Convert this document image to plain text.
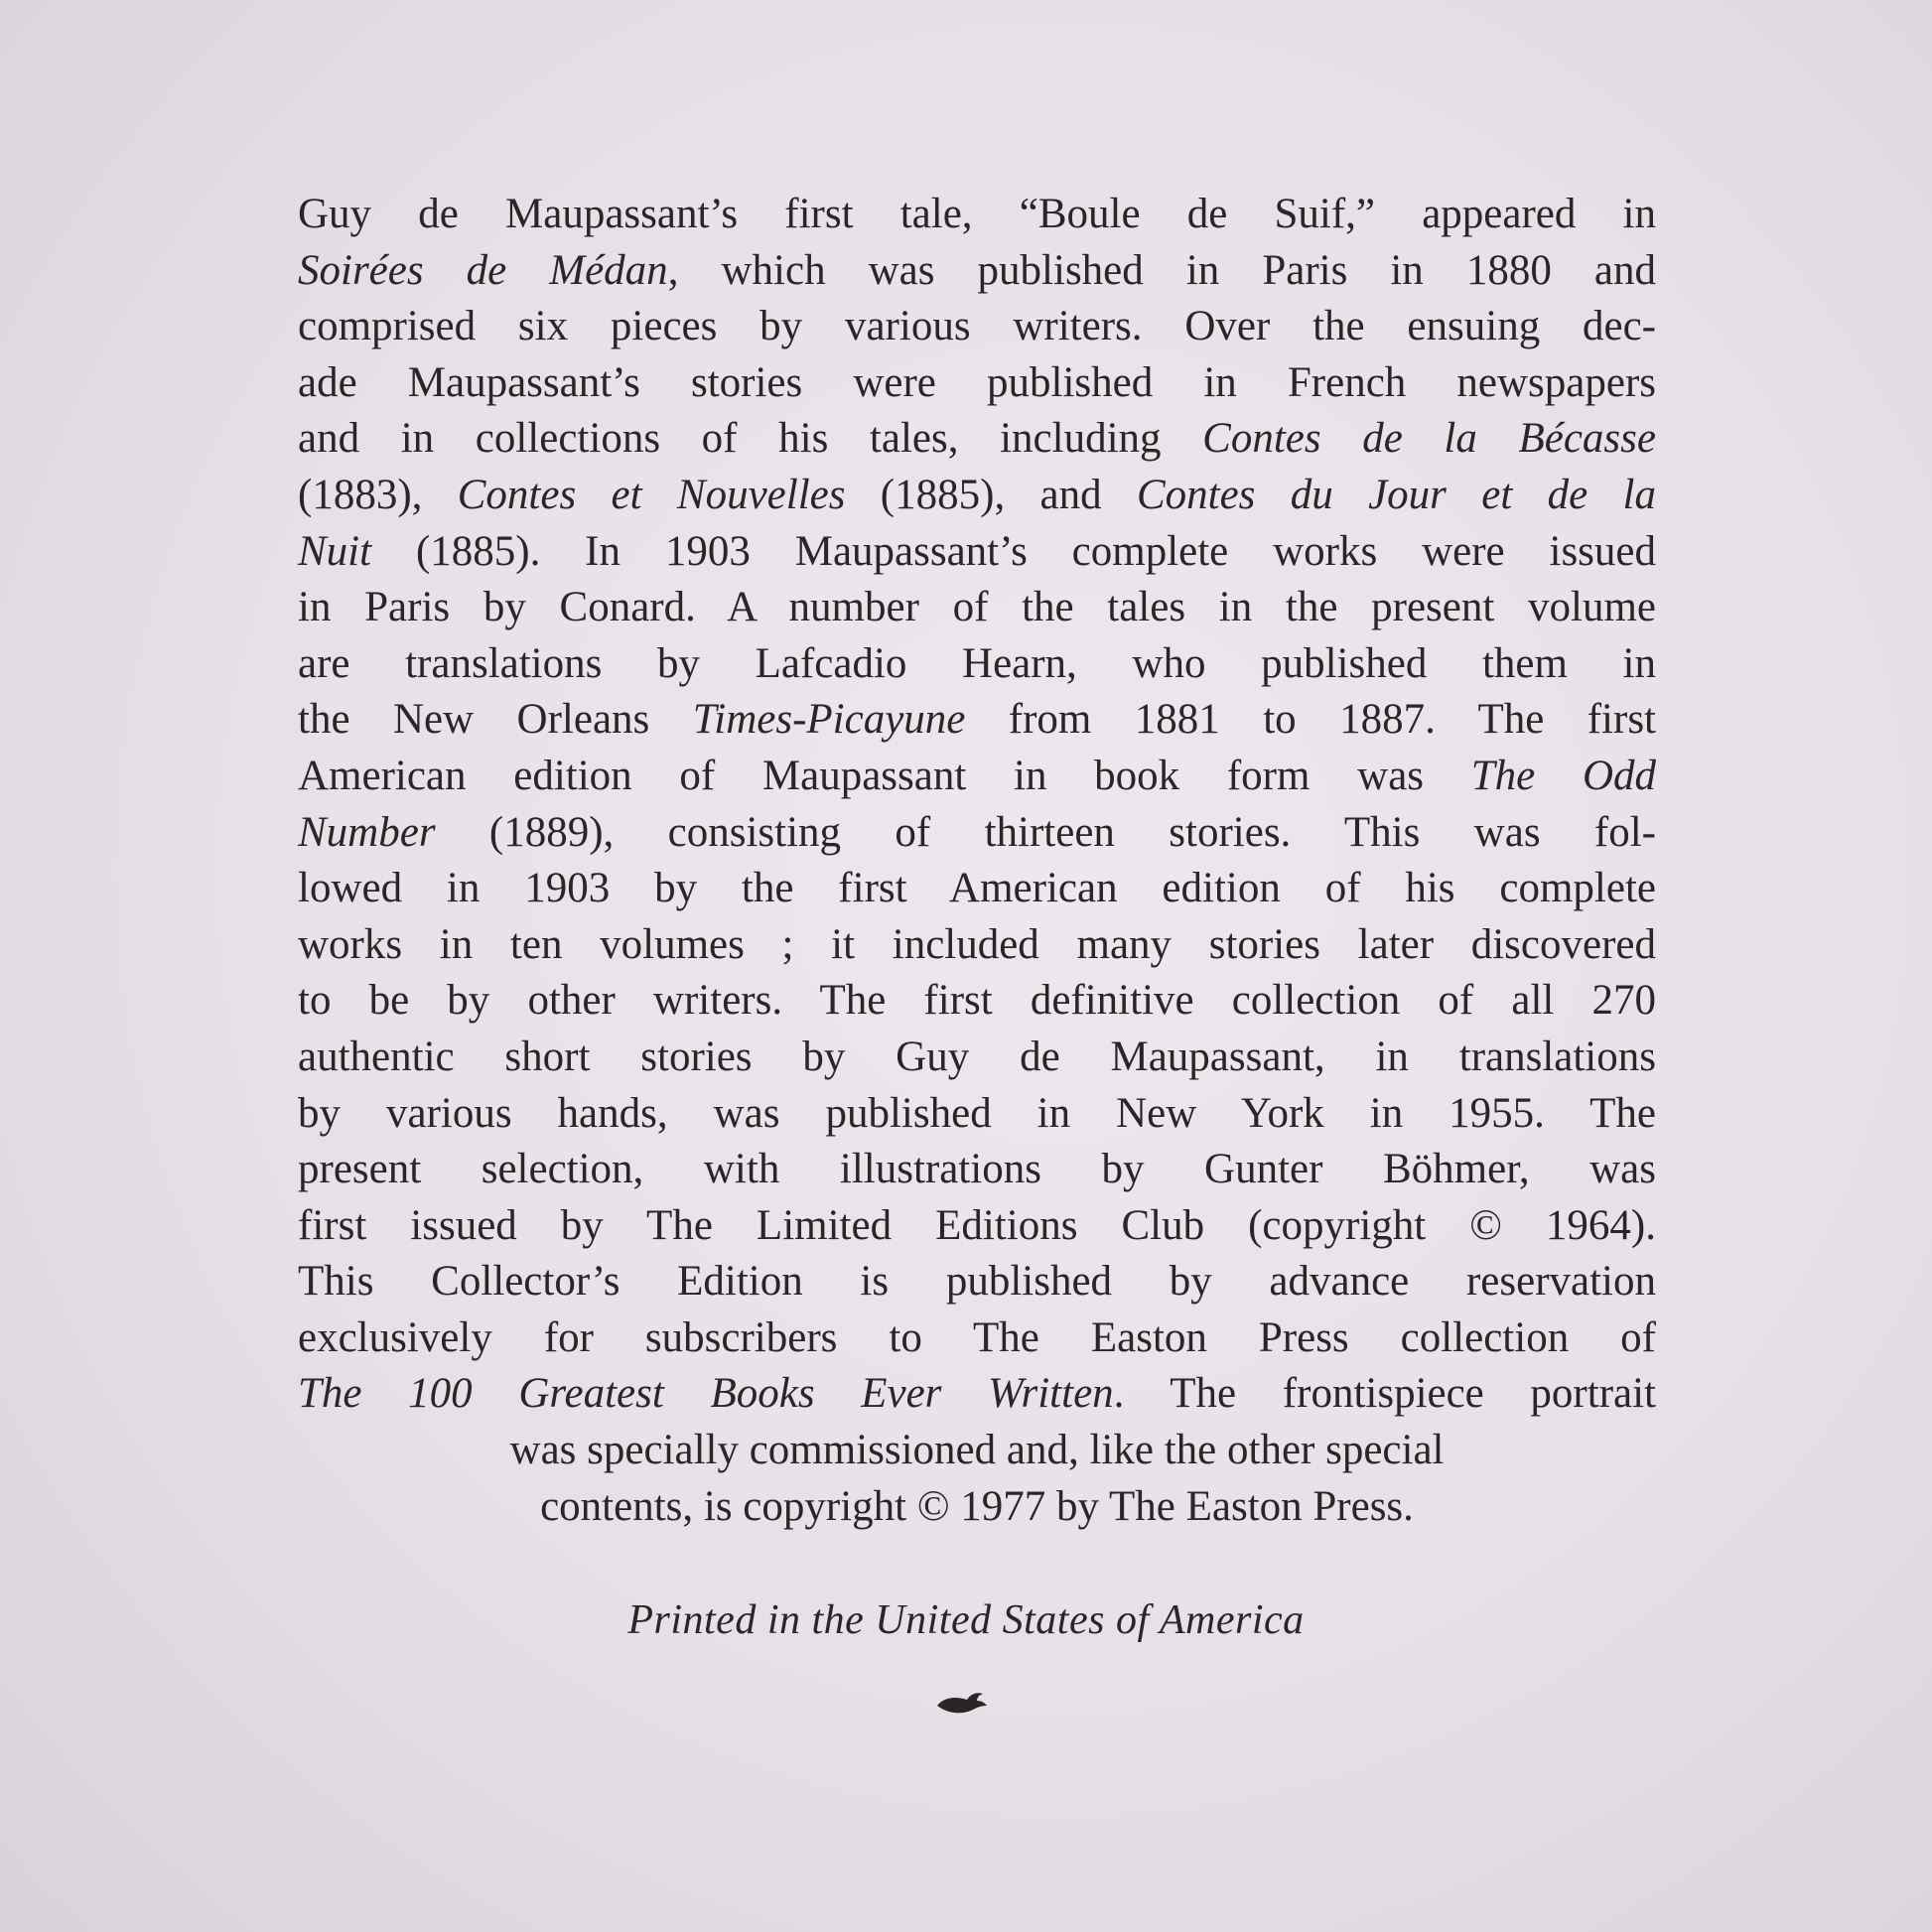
Guy de Maupassant’s first tale, “Boule de Suif,” appeared in
Soirées de Médan, which was published in Paris in 1880 and
comprised six pieces by various writers. Over the ensuing dec-
ade Maupassant’s stories were published in French newspapers
and in collections of his tales, including Contes de la Bécasse
(1883), Contes et Nouvelles (1885), and Contes du Jour et de la
Nuit (1885). In 1903 Maupassant’s complete works were issued
in Paris by Conard. A number of the tales in the present volume
are translations by Lafcadio Hearn, who published them in
the New Orleans Times-Picayune from 1881 to 1887. The first
American edition of Maupassant in book form was The Odd
Number (1889), consisting of thirteen stories. This was fol-
lowed in 1903 by the first American edition of his complete
works in ten volumes ; it included many stories later discovered
to be by other writers. The first definitive collection of all 270
authentic short stories by Guy de Maupassant, in translations
by various hands, was published in New York in 1955. The
present selection, with illustrations by Gunter Böhmer, was
first issued by The Limited Editions Club (copyright © 1964).
This Collector’s Edition is published by advance reservation
exclusively for subscribers to The Easton Press collection of
The 100 Greatest Books Ever Written. The frontispiece portrait
was specially commissioned and, like the other special
contents, is copyright © 1977 by The Easton Press.
Printed in the United States of America
